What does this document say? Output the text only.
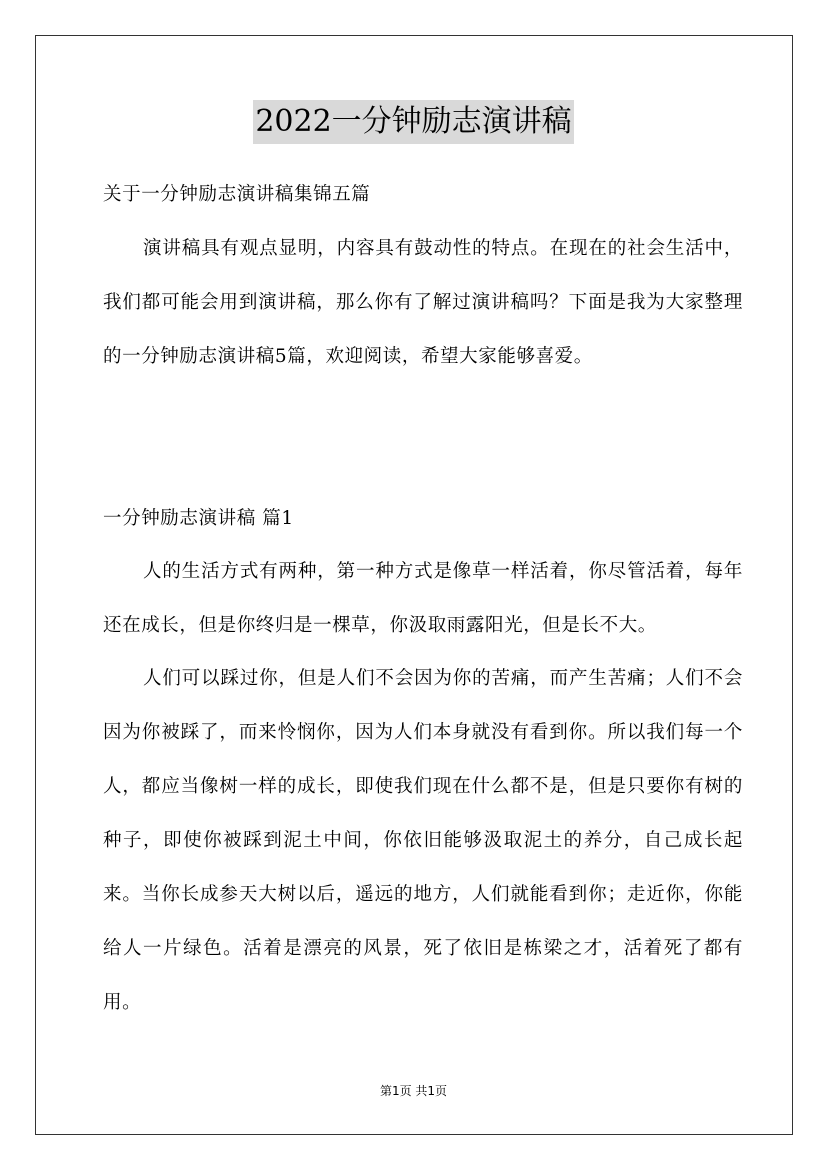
2022一分钟励志演讲稿
关于一分钟励志演讲稿集锦五篇

演讲稿具有观点显明，内容具有鼓动性的特点。在现在的社会生活中，我们都可能会用到演讲稿，那么你有了解过演讲稿吗？下面是我为大家整理的一分钟励志演讲稿5篇，欢迎阅读，希望大家能够喜爱。

一分钟励志演讲稿 篇1

人的生活方式有两种，第一种方式是像草一样活着，你尽管活着，每年还在成长，但是你终归是一棵草，你汲取雨露阳光，但是长不大。

人们可以踩过你，但是人们不会因为你的苦痛，而产生苦痛；人们不会因为你被踩了，而来怜悯你，因为人们本身就没有看到你。所以我们每一个人，都应当像树一样的成长，即使我们现在什么都不是，但是只要你有树的种子，即使你被踩到泥土中间，你依旧能够汲取泥土的养分，自己成长起来。当你长成参天大树以后，遥远的地方，人们就能看到你；走近你，你能给人一片绿色。活着是漂亮的风景，死了依旧是栋梁之才，活着死了都有用。

第1页 共1页
